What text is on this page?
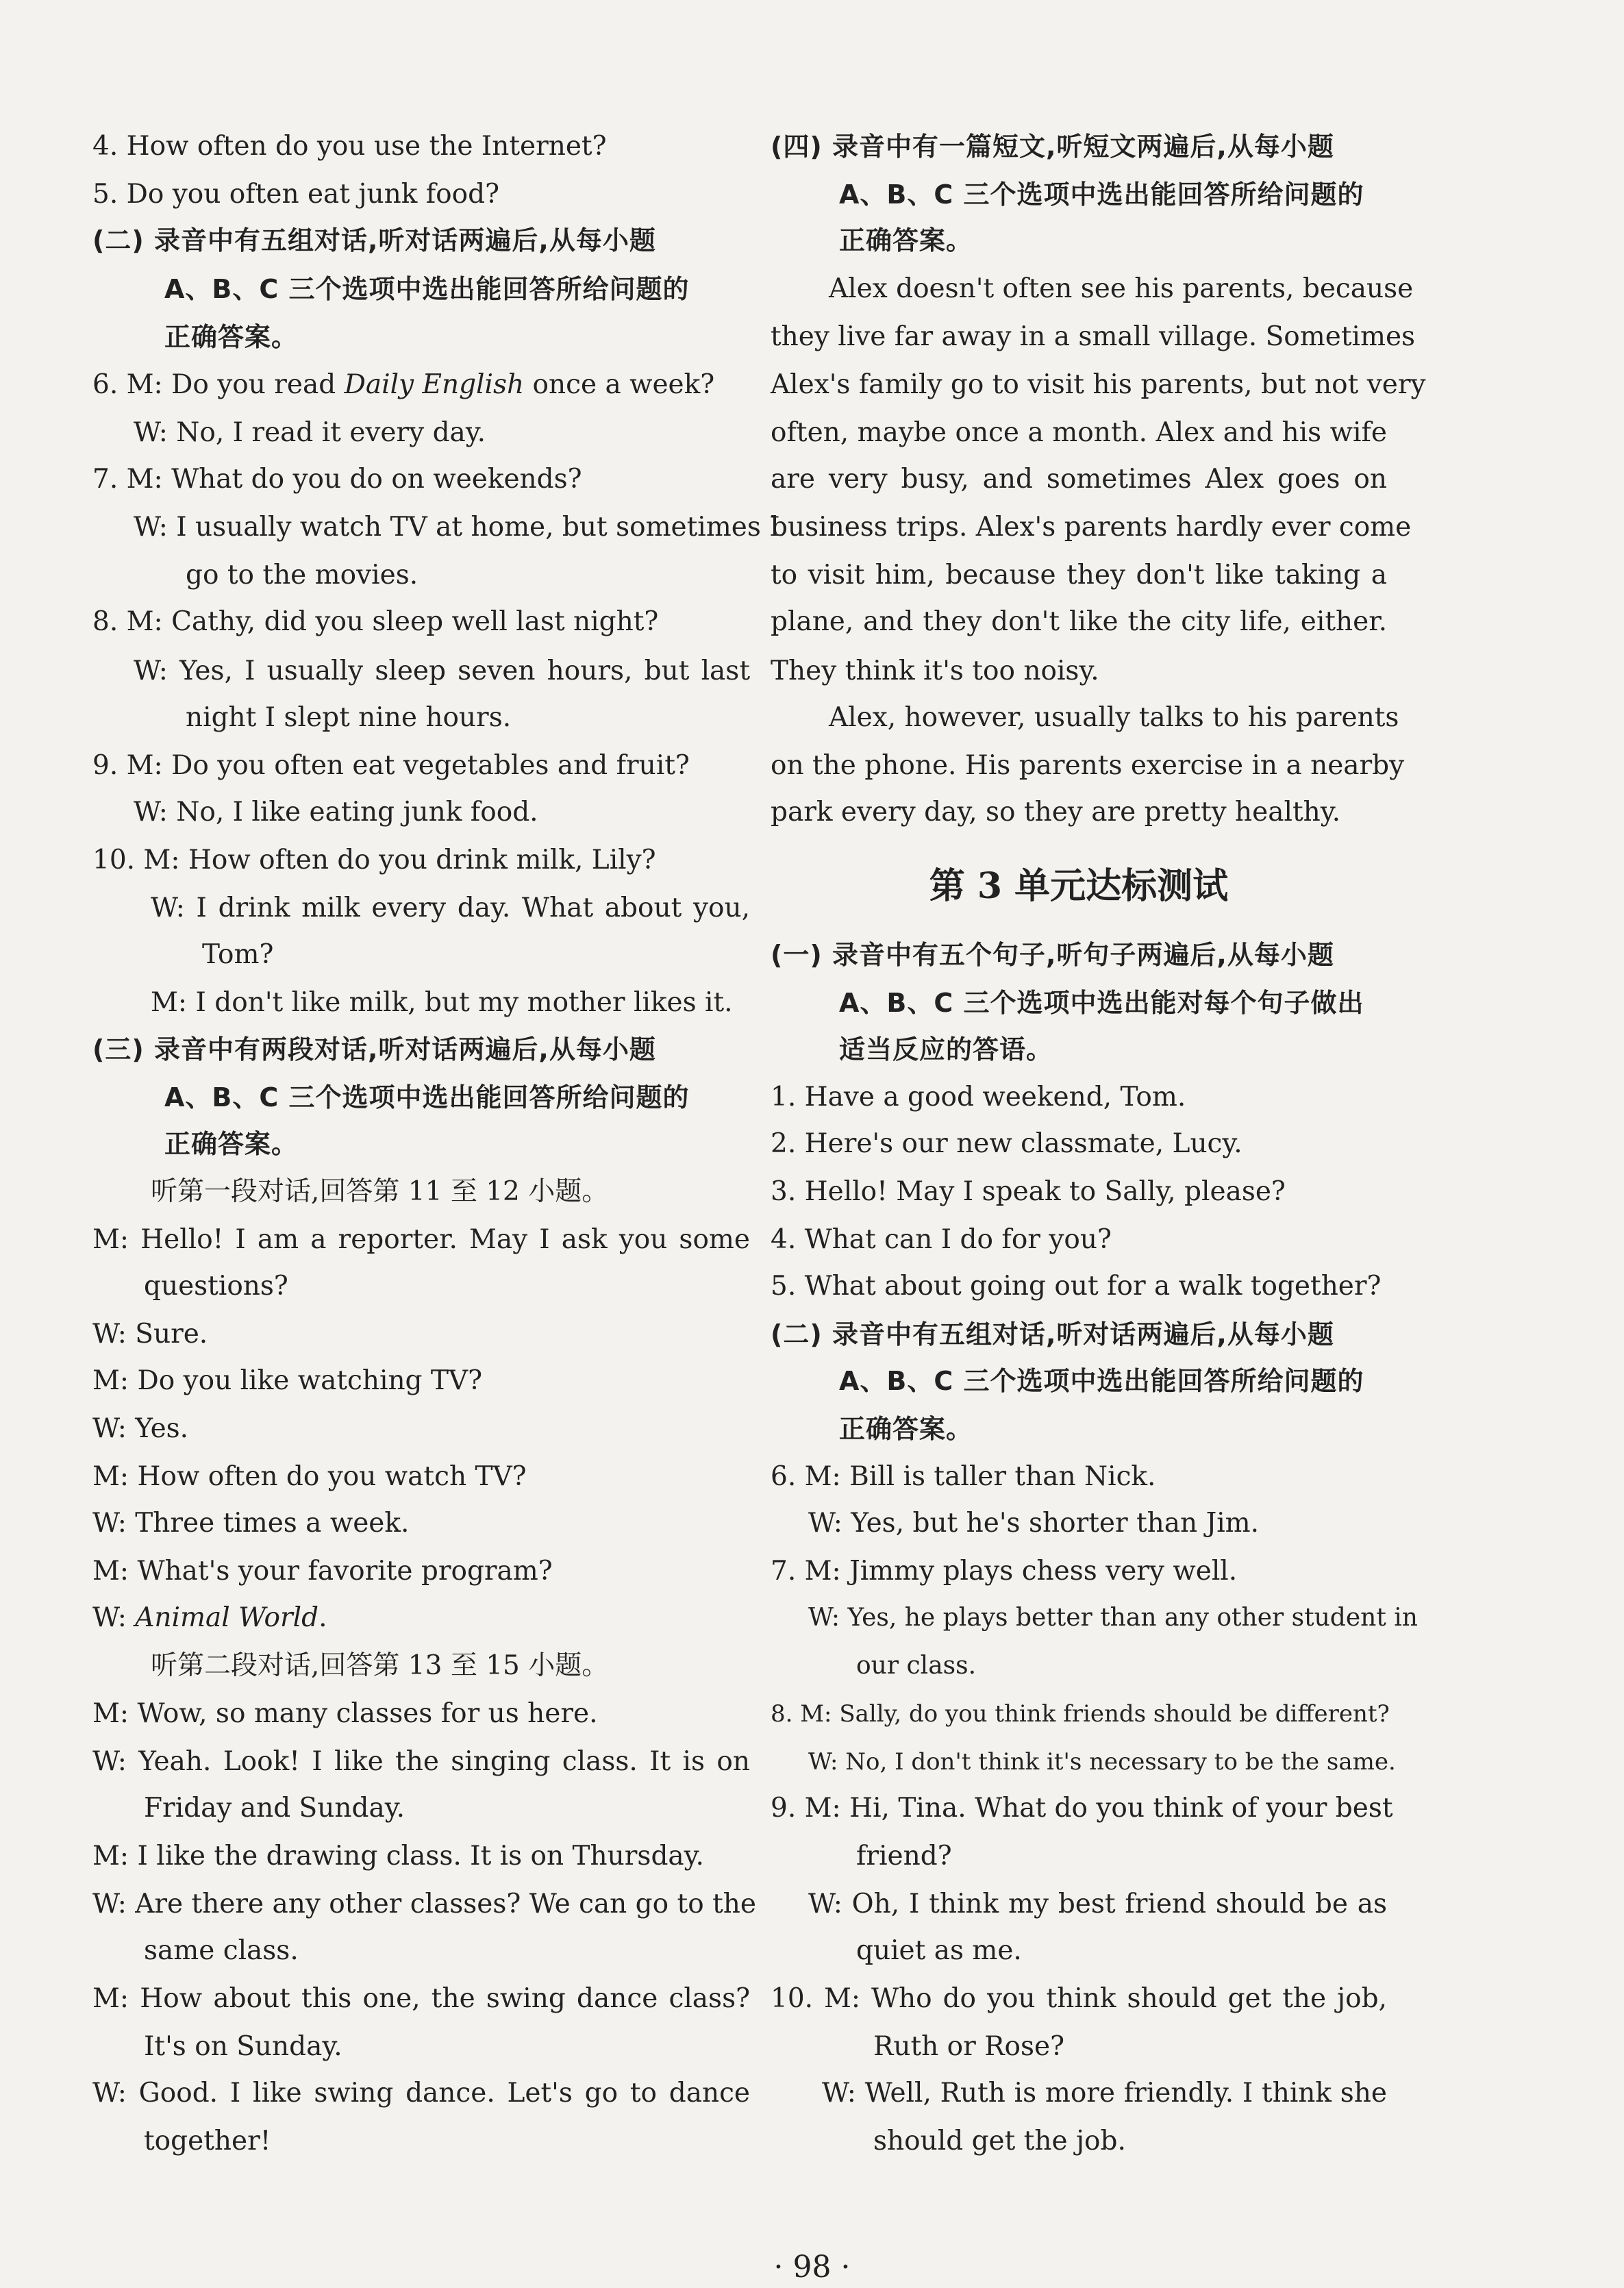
4. How often do you use the Internet?
5. Do you often eat junk food?
(二) 录音中有五组对话,听对话两遍后,从每小题
A、B、C 三个选项中选出能回答所给问题的
正确答案。
6. M: Do you read Daily English once a week?
W: No, I read it every day.
7. M: What do you do on weekends?
W: I usually watch TV at home, but sometimes I
go to the movies.
8. M: Cathy, did you sleep well last night?
W: Yes, I usually sleep seven hours, but last
night I slept nine hours.
9. M: Do you often eat vegetables and fruit?
W: No, I like eating junk food.
10. M: How often do you drink milk, Lily?
W: I drink milk every day. What about you,
Tom?
M: I don't like milk, but my mother likes it.
(三) 录音中有两段对话,听对话两遍后,从每小题
A、B、C 三个选项中选出能回答所给问题的
正确答案。
听第一段对话,回答第 11 至 12 小题。
M: Hello! I am a reporter. May I ask you some
questions?
W: Sure.
M: Do you like watching TV?
W: Yes.
M: How often do you watch TV?
W: Three times a week.
M: What's your favorite program?
W: Animal World.
听第二段对话,回答第 13 至 15 小题。
M: Wow, so many classes for us here.
W: Yeah. Look! I like the singing class. It is on
Friday and Sunday.
M: I like the drawing class. It is on Thursday.
W: Are there any other classes? We can go to the
same class.
M: How about this one, the swing dance class?
It's on Sunday.
W: Good. I like swing dance. Let's go to dance
together!
(四) 录音中有一篇短文,听短文两遍后,从每小题
A、B、C 三个选项中选出能回答所给问题的
正确答案。
Alex doesn't often see his parents, because
they live far away in a small village. Sometimes
Alex's family go to visit his parents, but not very
often, maybe once a month. Alex and his wife
are very busy, and sometimes Alex goes on
business trips. Alex's parents hardly ever come
to visit him, because they don't like taking a
plane, and they don't like the city life, either.
They think it's too noisy.
Alex, however, usually talks to his parents
on the phone. His parents exercise in a nearby
park every day, so they are pretty healthy.
第 3 单元达标测试
(一) 录音中有五个句子,听句子两遍后,从每小题
A、B、C 三个选项中选出能对每个句子做出
适当反应的答语。
1. Have a good weekend, Tom.
2. Here's our new classmate, Lucy.
3. Hello! May I speak to Sally, please?
4. What can I do for you?
5. What about going out for a walk together?
(二) 录音中有五组对话,听对话两遍后,从每小题
A、B、C 三个选项中选出能回答所给问题的
正确答案。
6. M: Bill is taller than Nick.
W: Yes, but he's shorter than Jim.
7. M: Jimmy plays chess very well.
W: Yes, he plays better than any other student in
our class.
8. M: Sally, do you think friends should be different?
W: No, I don't think it's necessary to be the same.
9. M: Hi, Tina. What do you think of your best
friend?
W: Oh, I think my best friend should be as
quiet as me.
10. M: Who do you think should get the job,
Ruth or Rose?
W: Well, Ruth is more friendly. I think she
should get the job.
· 98 ·
